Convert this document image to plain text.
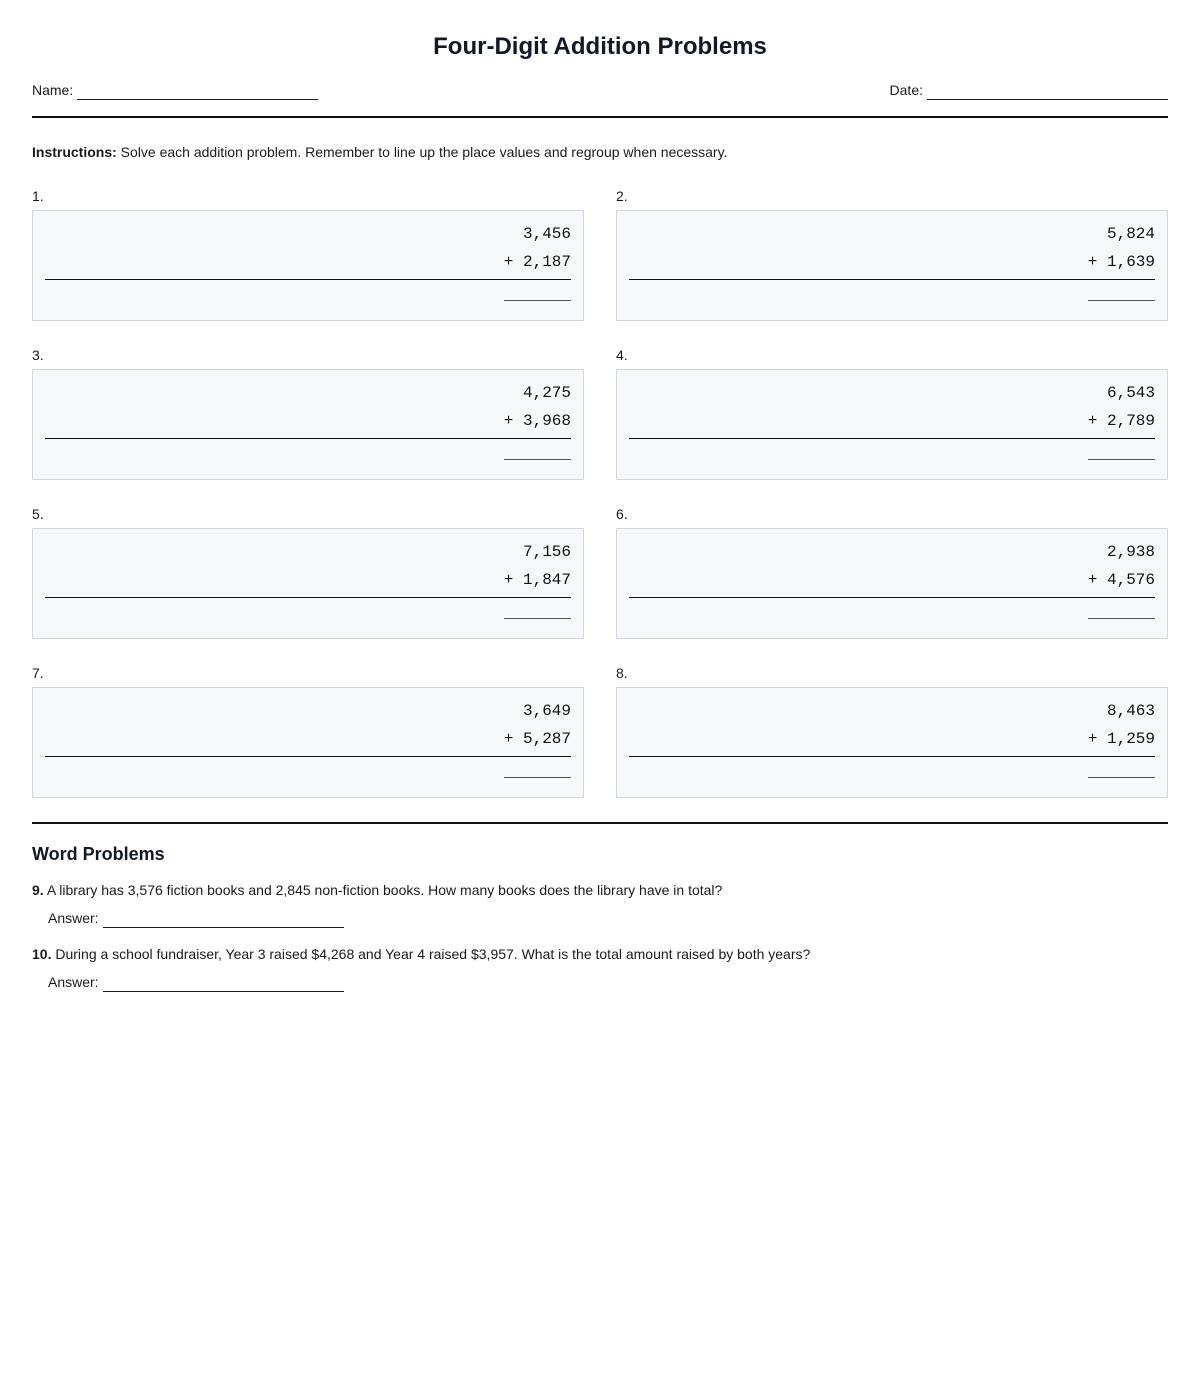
Four-Digit Addition Problems
Name:	Date:
Instructions: Solve each addition problem. Remember to line up the place values and regroup when necessary.
1.
3,456
+ 2,187
2.
5,824
+ 1,639
3.
4,275
+ 3,968
4.
6,543
+ 2,789
5.
7,156
+ 1,847
6.
2,938
+ 4,576
7.
3,649
+ 5,287
8.
8,463
+ 1,259
Word Problems
9. A library has 3,576 fiction books and 2,845 non-fiction books. How many books does the library have in total?
Answer:
10. During a school fundraiser, Year 3 raised $4,268 and Year 4 raised $3,957. What is the total amount raised by both years?
Answer:
